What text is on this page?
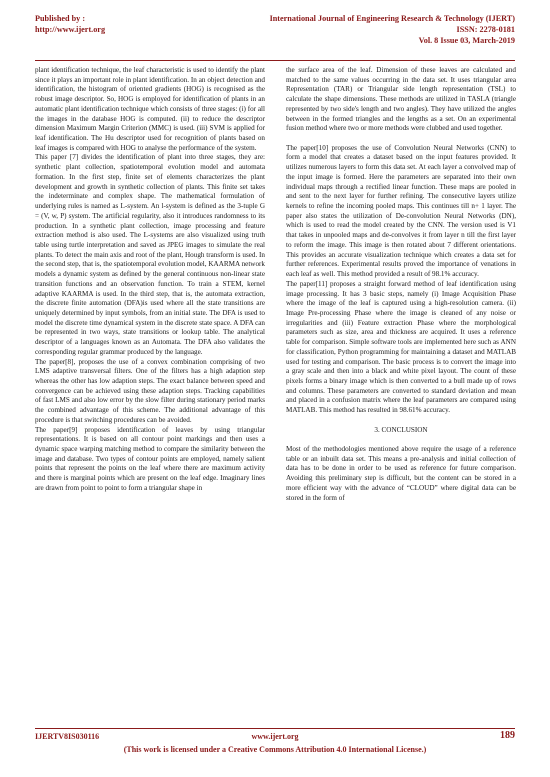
Published by :
http://www.ijert.org
International Journal of Engineering Research & Technology (IJERT)
ISSN: 2278-0181
Vol. 8 Issue 03, March-2019

plant identification technique, the leaf characteristic is used to identify the plant since it plays an important role in plant identification. In an object detection and identification, the histogram of oriented gradients (HOG) is recognised as the robust image descriptor. So, HOG is employed for identification of plants in an automatic plant identification technique which consists of three stages: (i) for all the images in the database HOG is computed. (ii) to reduce the descriptor dimension Maximum Margin Criterion (MMC) is used. (iii) SVM is applied for leaf identification. The Hu descriptor used for recognition of plants based on leaf images is compared with HOG to analyse the performance of the system.

This paper [7] divides the identification of plant into three stages, they are: synthetic plant collection, spatiotemporal evolution model and automata formation. In the first step, finite set of elements characterizes the plant development and growth in synthetic collection of plants. This finite set takes the indeterminate and complex shape. The mathematical formulation of underlying rules is named as L-system. An l-system is defined as the 3-tuple G = (V, w, P) system. The artificial regularity, also it introduces randomness to its production. In a synthetic plant collection, image processing and feature extraction method is also used. The L-systems are also visualized using truth table using turtle interpretation and saved as JPEG images to simulate the real plants. To detect the main axis and root of the plant, Hough transform is used. In the second step, that is, the spatiotemporal evolution model, KAARMA network models a dynamic system as defined by the general continuous non-linear state transition functions and an observation function. To train a STEM, kernel adaptive KAARMA is used. In the third step, that is, the automata extraction, the discrete finite automation (DFA)is used where all the state transitions are uniquely determined by input symbols, from an initial state. The DFA is used to model the discrete time dynamical system in the discrete state space. A DFA can be represented in two ways, state transitions or lookup table. The analytical descriptor of a languages known as an Automata. The DFA also validates the corresponding regular grammar produced by the language.

The paper[8], proposes the use of a convex combination comprising of two LMS adaptive transversal filters. One of the filters has a high adaption step whereas the other has low adaption steps. The exact balance between speed and convergence can be achieved using these adaption steps. Tracking capabilities of fast LMS and also low error by the slow filter during stationary period marks the combined advantage of this scheme. The additional advantage of this procedure is that switching procedures can be avoided.

The paper[9] proposes identification of leaves by using triangular representations. It is based on all contour point markings and then uses a dynamic space warping matching method to compare the similarity between the image and database. Two types of contour points are employed, namely salient points that represent the points on the leaf where there are maximum activity and there is marginal points which are present on the leaf edge. Imaginary lines are drawn from point to point to form a triangular shape in

the surface area of the leaf. Dimension of these leaves are calculated and matched to the same values occurring in the data set. It uses triangular area Representation (TAR) or Triangular side length representation (TSL) to calculate the shape dimensions. These methods are utilized in TASLA (triangle represented by two side's length and two angles). They have utilized the angles between in the formed triangles and the lengths as a set. On an experimental fusion method where two or more methods were clubbed and used together.

The paper[10] proposes the use of Convolution Neural Networks (CNN) to form a model that creates a dataset based on the input features provided. It utilizes numerous layers to form this data set. At each layer a convolved map of the input image is formed. Here the parameters are separated into their own individual maps through a rectified linear function. These maps are pooled in and sent to the next layer for further refining. The consecutive layers utilize kernels to refine the incoming pooled maps. This continues till n+ 1 layer. The paper also states the utilization of De-convolution Neural Networks (DN), which is used to read the model created by the CNN. The version used is V1 that takes in unpooled maps and de-convolves it from layer n till the first layer to reform the image. This image is then rotated about 7 different orientations. This provides an accurate visualization technique which creates a data set for further references. Experimental results proved the importance of venations in each leaf as well. This method provided a result of 98.1% accuracy.

The paper[11] proposes a straight forward method of leaf identification using image processing. It has 3 basic steps, namely (i) Image Acquisition Phase where the image of the leaf is captured using a high-resolution camera. (ii) Image Pre-processing Phase where the image is cleaned of any noise or irregularities and (iii) Feature extraction Phase where the morphological parameters such as size, area and thickness are acquired. It uses a reference table for comparison. Simple software tools are implemented here such as ANN for classification, Python programming for maintaining a dataset and MATLAB used for testing and comparison. The basic process is to convert the image into a gray scale and then into a black and white pixel layout. The count of these pixels forms a binary image which is then converted to a bull made up of rows and columns. These parameters are converted to standard deviation and mean and placed in a confusion matrix where the leaf parameters are compared using MATLAB. This method has resulted in 98.61% accuracy.

3. CONCLUSION

Most of the methodologies mentioned above require the usage of a reference table or an inbuilt data set. This means a pre-analysis and initial collection of data has to be done in order to be used as reference for future comparison. Avoiding this preliminary step is difficult, but the content can be stored in a more efficient way with the advance of “CLOUD” where digital data can be stored in the form of

IJERTV8IS030116	www.ijert.org	189
(This work is licensed under a Creative Commons Attribution 4.0 International License.)
